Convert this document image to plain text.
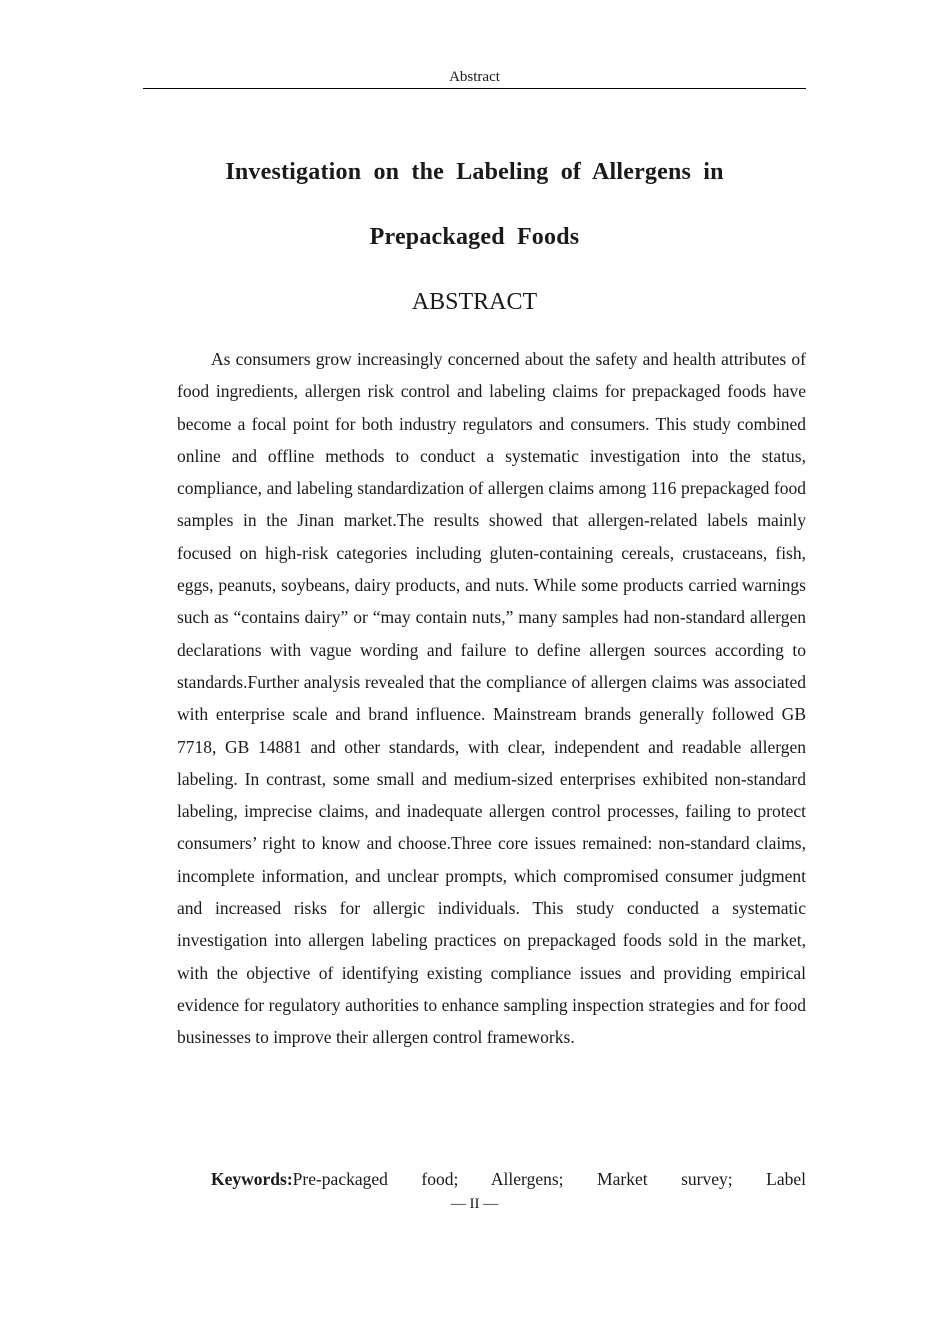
Abstract
Investigation on the Labeling of Allergens in
Prepackaged Foods
ABSTRACT

As consumers grow increasingly concerned about the safety and health attributes of food ingredients, allergen risk control and labeling claims for prepackaged foods have become a focal point for both industry regulators and consumers. This study combined online and offline methods to conduct a systematic investigation into the status, compliance, and labeling standardization of allergen claims among 116 prepackaged food samples in the Jinan market.The results showed that allergen-related labels mainly focused on high-risk categories including gluten-containing cereals, crustaceans, fish, eggs, peanuts, soybeans, dairy products, and nuts. While some products carried warnings such as “contains dairy” or “may contain nuts,” many samples had non-standard allergen declarations with vague wording and failure to define allergen sources according to standards.Further analysis revealed that the compliance of allergen claims was associated with enterprise scale and brand influence. Mainstream brands generally followed GB 7718, GB 14881 and other standards, with clear, independent and readable allergen labeling. In contrast, some small and medium-sized enterprises exhibited non-standard labeling, imprecise claims, and inadequate allergen control processes, failing to protect consumers’ right to know and choose.Three core issues remained: non-standard claims, incomplete information, and unclear prompts, which compromised consumer judgment and increased risks for allergic individuals. This study conducted a systematic investigation into allergen labeling practices on prepackaged foods sold in the market, with the objective of identifying existing compliance issues and providing empirical evidence for regulatory authorities to enhance sampling inspection strategies and for food businesses to improve their allergen control frameworks.

Keywords:Pre-packaged food; Allergens; Market survey; Label

— II —
